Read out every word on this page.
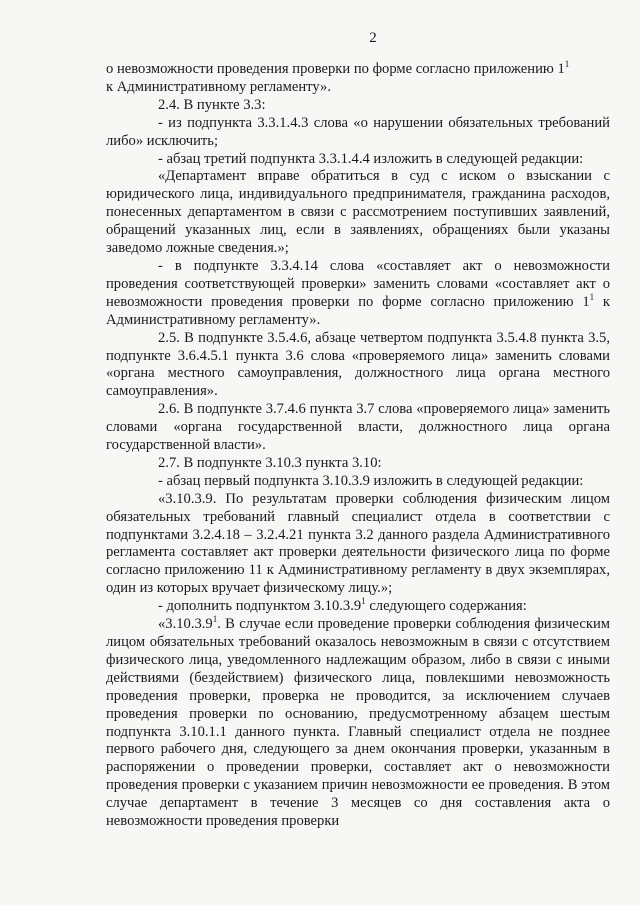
2

о невозможности проведения проверки по форме согласно приложению $1^1$

к Административному регламенту».

2.4. В пункте 3.3:

- из подпункта 3.3.1.4.3 слова «о нарушении обязательных требований либо» исключить;

- абзац третий подпункта 3.3.1.4.4 изложить в следующей редакции:

«Департамент вправе обратиться в суд с иском о взыскании с юридического лица, индивидуального предпринимателя, гражданина расходов, понесенных департаментом в связи с рассмотрением поступивших заявлений, обращений указанных лиц, если в заявлениях, обращениях были указаны заведомо ложные сведения.»;

- в подпункте 3.3.4.14 слова «составляет акт о невозможности проведения соответствующей проверки» заменить словами «составляет акт о невозможности проведения проверки по форме согласно приложению $1^1$ к Административному регламенту».

2.5. В подпункте 3.5.4.6, абзаце четвертом подпункта 3.5.4.8 пункта 3.5, подпункте 3.6.4.5.1 пункта 3.6 слова «проверяемого лица» заменить словами «органа местного самоуправления, должностного лица органа местного самоуправления».

2.6. В подпункте 3.7.4.6 пункта 3.7 слова «проверяемого лица» заменить словами «органа государственной власти, должностного лица органа государственной власти».

2.7. В подпункте 3.10.3 пункта 3.10:

- абзац первый подпункта 3.10.3.9 изложить в следующей редакции:

«3.10.3.9. По результатам проверки соблюдения физическим лицом обязательных требований главный специалист отдела в соответствии с подпунктами 3.2.4.18 – 3.2.4.21 пункта 3.2 данного раздела Административного регламента составляет акт проверки деятельности физического лица по форме согласно приложению 11 к Административному регламенту в двух экземплярах, один из которых вручает физическому лицу.»;

- дополнить подпунктом 3.10.3.9$^1$ следующего содержания:

«3.10.3.9$^1$. В случае если проведение проверки соблюдения физическим лицом обязательных требований оказалось невозможным в связи с отсутствием физического лица, уведомленного надлежащим образом, либо в связи с иными действиями (бездействием) физического лица, повлекшими невозможность проведения проверки, проверка не проводится, за исключением случаев проведения проверки по основанию, предусмотренному абзацем шестым подпункта 3.10.1.1 данного пункта. Главный специалист отдела не позднее первого рабочего дня, следующего за днем окончания проверки, указанным в распоряжении о проведении проверки, составляет акт о невозможности проведения проверки с указанием причин невозможности ее проведения. В этом случае департамент в течение 3 месяцев со дня составления акта о невозможности проведения проверки
